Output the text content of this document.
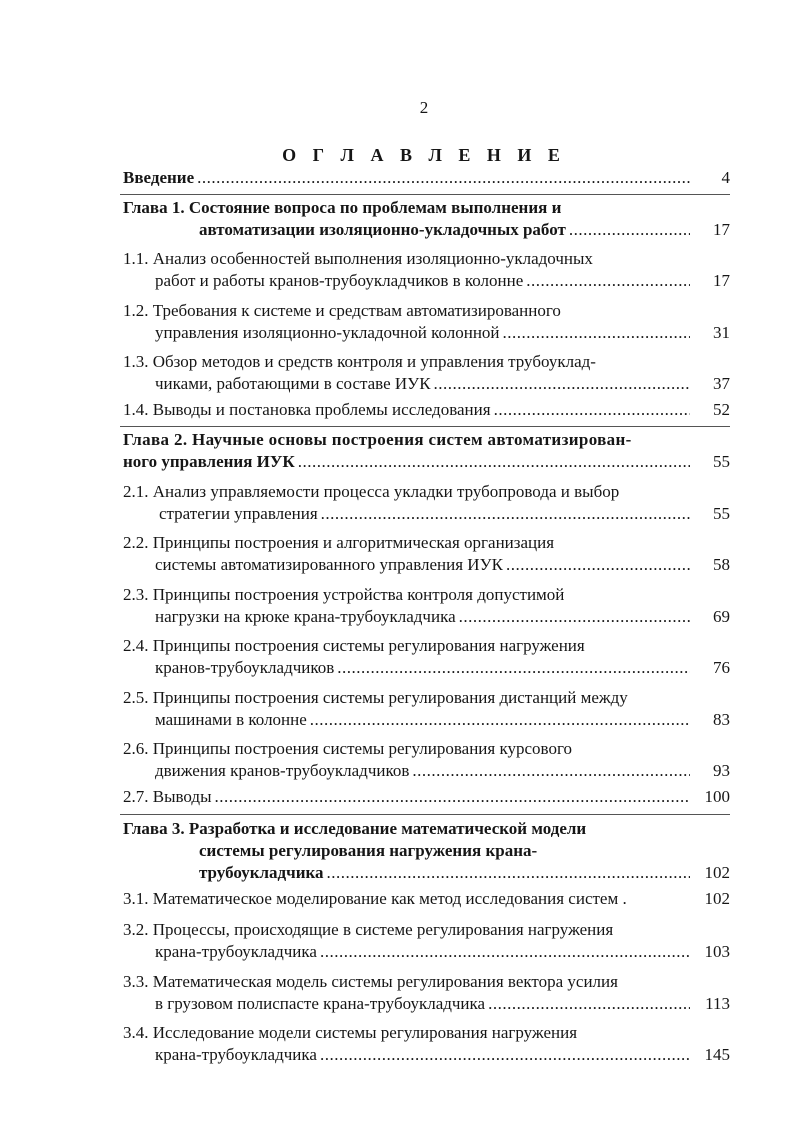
2
О Г Л А В Л Е Н И Е
Введение .....	4
Глава 1. Состояние вопроса по проблемам выполнения и
автоматизации изоляционно-укладочных работ .....	17
1.1. Анализ особенностей выполнения изоляционно-укладочных
работ и работы кранов-трубоукладчиков в колонне .....	17
1.2. Требования к системе и средствам автоматизированного
управления изоляционно-укладочной колонной .....	31
1.3. Обзор методов и средств контроля и управления трубоуклад-
чиками, работающими в составе ИУК .....	37
1.4. Выводы и постановка проблемы исследования .....	52
Глава 2. Научные основы построения систем автоматизирован-
ного управления ИУК .....	55
2.1. Анализ управляемости процесса укладки трубопровода и выбор
стратегии управления .....	55
2.2. Принципы построения и алгоритмическая организация
системы автоматизированного управления ИУК .....	58
2.3. Принципы построения устройства контроля допустимой
нагрузки на крюке крана-трубоукладчика .....	69
2.4. Принципы построения системы регулирования нагружения
кранов-трубоукладчиков .....	76
2.5. Принципы построения системы регулирования дистанций между
машинами в колонне .....	83
2.6. Принципы построения системы регулирования курсового
движения кранов-трубоукладчиков .....	93
2.7. Выводы .....	100
Глава 3. Разработка и исследование математической модели
системы регулирования нагружения крана-
трубоукладчика .....	102
3.1. Математическое моделирование как метод исследования систем .	102
3.2. Процессы, происходящие в системе регулирования нагружения
крана-трубоукладчика .....	103
3.3. Математическая модель системы регулирования вектора усилия
в грузовом полиспасте крана-трубоукладчика .....	113
3.4. Исследование модели системы регулирования нагружения
крана-трубоукладчика .....	145
